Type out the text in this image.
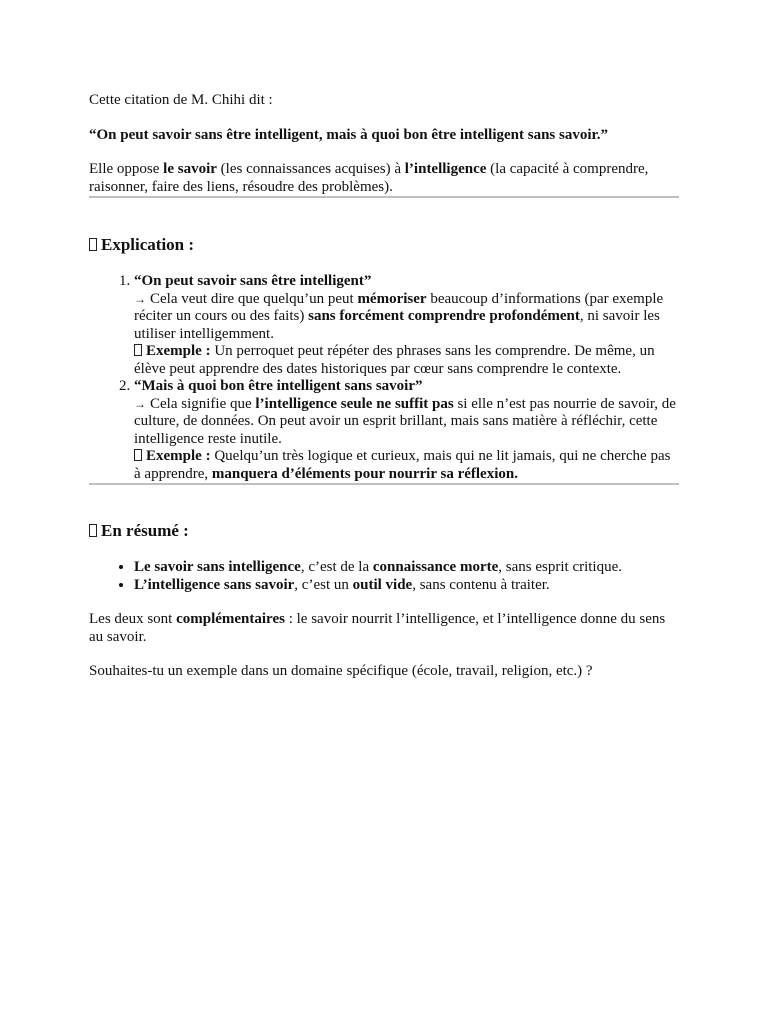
Cette citation de M. Chihi dit :

“On peut savoir sans être intelligent, mais à quoi bon être intelligent sans savoir.”

Elle oppose le savoir (les connaissances acquises) à l’intelligence (la capacité à comprendre, raisonner, faire des liens, résoudre des problèmes).

Explication :
1. “On peut savoir sans être intelligent”
→ Cela veut dire que quelqu’un peut mémoriser beaucoup d’informations (par exemple réciter un cours ou des faits) sans forcément comprendre profondément, ni savoir les utiliser intelligemment.
Exemple : Un perroquet peut répéter des phrases sans les comprendre. De même, un élève peut apprendre des dates historiques par cœur sans comprendre le contexte.
2. “Mais à quoi bon être intelligent sans savoir”
→ Cela signifie que l’intelligence seule ne suffit pas si elle n’est pas nourrie de savoir, de culture, de données. On peut avoir un esprit brillant, mais sans matière à réfléchir, cette intelligence reste inutile.
Exemple : Quelqu’un très logique et curieux, mais qui ne lit jamais, qui ne cherche pas à apprendre, manquera d’éléments pour nourrir sa réflexion.
En résumé :
• Le savoir sans intelligence, c’est de la connaissance morte, sans esprit critique.
• L’intelligence sans savoir, c’est un outil vide, sans contenu à traiter.

Les deux sont complémentaires : le savoir nourrit l’intelligence, et l’intelligence donne du sens au savoir.

Souhaites-tu un exemple dans un domaine spécifique (école, travail, religion, etc.) ?
